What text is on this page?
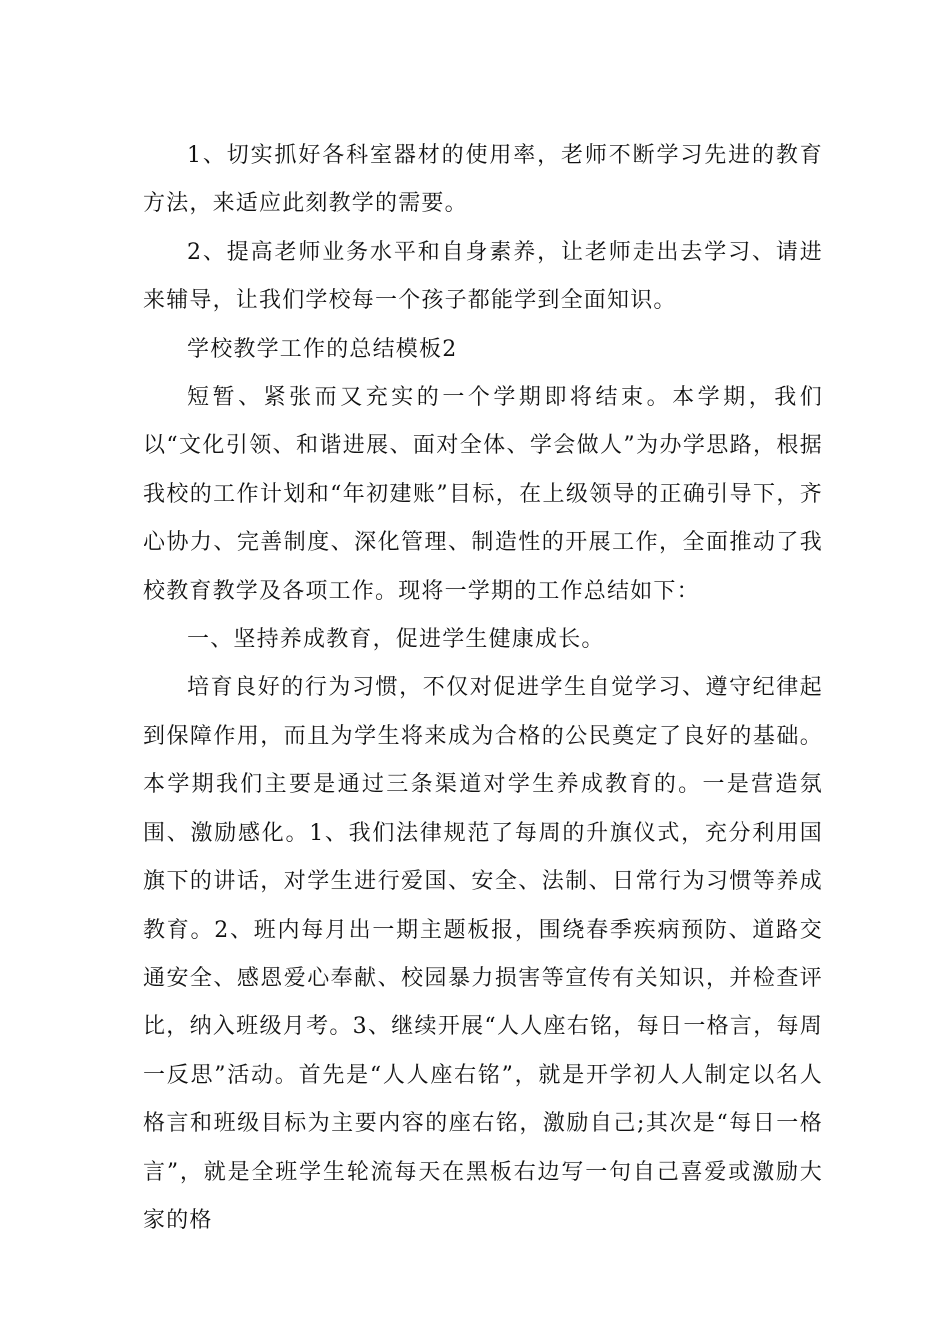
1、切实抓好各科室器材的使用率，老师不断学习先进的教育方法，来适应此刻教学的需要。

2、提高老师业务水平和自身素养，让老师走出去学习、请进来辅导，让我们学校每一个孩子都能学到全面知识。

学校教学工作的总结模板2

短暂、紧张而又充实的一个学期即将结束。本学期，我们以“文化引领、和谐进展、面对全体、学会做人”为办学思路，根据我校的工作计划和“年初建账”目标，在上级领导的正确引导下，齐心协力、完善制度、深化管理、制造性的开展工作，全面推动了我校教育教学及各项工作。现将一学期的工作总结如下：

一、坚持养成教育，促进学生健康成长。

培育良好的行为习惯，不仅对促进学生自觉学习、遵守纪律起到保障作用，而且为学生将来成为合格的公民奠定了良好的基础。本学期我们主要是通过三条渠道对学生养成教育的。一是营造氛围、激励感化。1、我们法律规范了每周的升旗仪式，充分利用国旗下的讲话，对学生进行爱国、安全、法制、日常行为习惯等养成教育。2、班内每月出一期主题板报，围绕春季疾病预防、道路交通安全、感恩爱心奉献、校园暴力损害等宣传有关知识，并检查评比，纳入班级月考。3、继续开展“人人座右铭，每日一格言，每周一反思”活动。首先是“人人座右铭”，就是开学初人人制定以名人格言和班级目标为主要内容的座右铭，激励自己;其次是“每日一格言”，就是全班学生轮流每天在黑板右边写一句自己喜爱或激励大家的格
